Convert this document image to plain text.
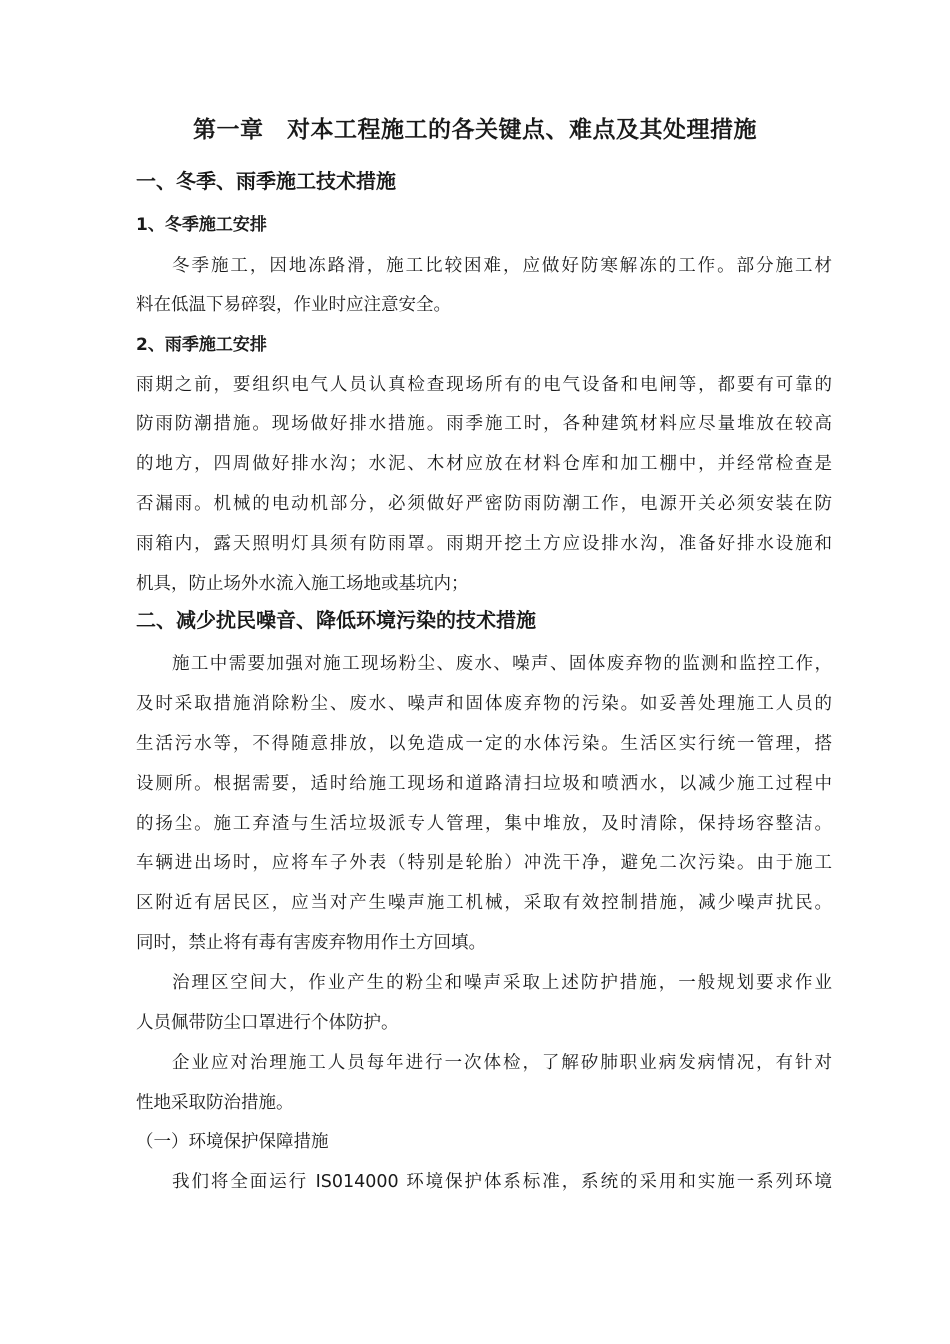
第一章　对本工程施工的各关键点、难点及其处理措施
一、冬季、雨季施工技术措施
1、冬季施工安排

冬季施工，因地冻路滑，施工比较困难，应做好防寒解冻的工作。部分施工材

料在低温下易碎裂，作业时应注意安全。

2、雨季施工安排

雨期之前，要组织电气人员认真检查现场所有的电气设备和电闸等，都要有可靠的

防雨防潮措施。现场做好排水措施。雨季施工时，各种建筑材料应尽量堆放在较高

的地方，四周做好排水沟；水泥、木材应放在材料仓库和加工棚中，并经常检查是

否漏雨。机械的电动机部分，必须做好严密防雨防潮工作，电源开关必须安装在防

雨箱内，露天照明灯具须有防雨罩。雨期开挖土方应设排水沟，准备好排水设施和

机具，防止场外水流入施工场地或基坑内；

二、减少扰民噪音、降低环境污染的技术措施

施工中需要加强对施工现场粉尘、废水、噪声、固体废弃物的监测和监控工作，

及时采取措施消除粉尘、废水、噪声和固体废弃物的污染。如妥善处理施工人员的

生活污水等，不得随意排放，以免造成一定的水体污染。生活区实行统一管理，搭

设厕所。根据需要，适时给施工现场和道路清扫垃圾和喷洒水，以减少施工过程中

的扬尘。施工弃渣与生活垃圾派专人管理，集中堆放，及时清除，保持场容整洁。

车辆进出场时，应将车子外表（特别是轮胎）冲洗干净，避免二次污染。由于施工

区附近有居民区，应当对产生噪声施工机械，采取有效控制措施，减少噪声扰民。

同时，禁止将有毒有害废弃物用作土方回填。

治理区空间大，作业产生的粉尘和噪声采取上述防护措施，一般规划要求作业

人员佩带防尘口罩进行个体防护。

企业应对治理施工人员每年进行一次体检，了解矽肺职业病发病情况，有针对

性地采取防治措施。

（一）环境保护保障措施

我们将全面运行 IS014000 环境保护体系标准，系统的采用和实施一系列环境
